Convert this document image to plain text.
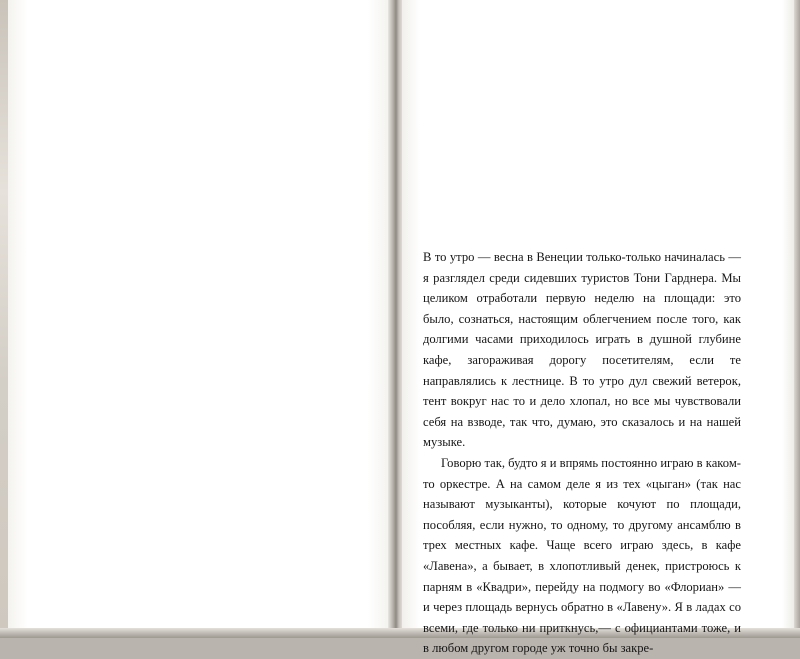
В то утро — весна в Венеции только-только начиналась — я разглядел среди сидевших туристов Тони Гарднера. Мы целиком отработали первую неделю на площади: это было, сознаться, настоящим облегчением после того, как долгими часами приходилось играть в душной глубине кафе, загораживая дорогу посетителям, если те направлялись к лестнице. В то утро дул свежий ветерок, тент вокруг нас то и дело хлопал, но все мы чувствовали себя на взводе, так что, думаю, это сказалось и на нашей музыке.

Говорю так, будто я и впрямь постоянно играю в каком-то оркестре. А на самом деле я из тех «цыган» (так нас называют музыканты), которые кочуют по площади, пособляя, если нужно, то одному, то другому ансамблю в трех местных кафе. Чаще всего играю здесь, в кафе «Лавена», а бывает, в хлопотливый денек, пристроюсь к парням в «Квадри», перейду на подмогу во «Флориан» — и через площадь вернусь обратно в «Лавену». Я в ладах со всеми, где только ни приткнусь,— с официантами тоже, и в любом другом городе уж точно бы закре-
